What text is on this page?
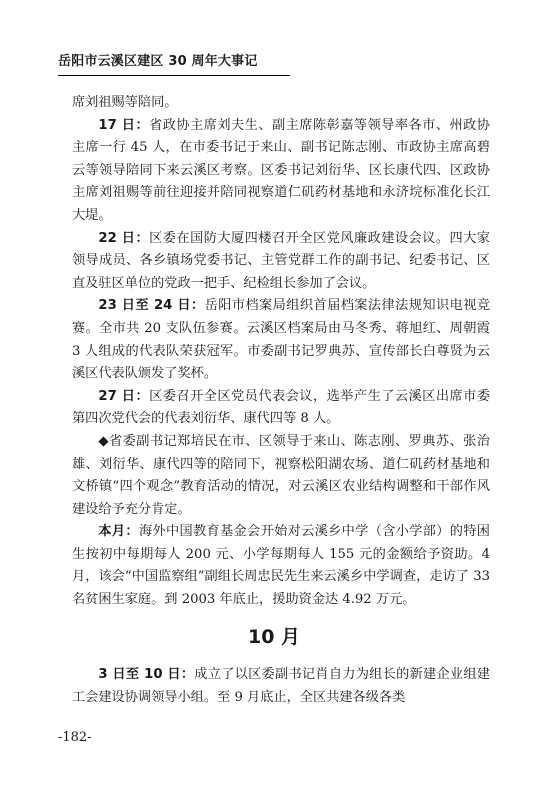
岳阳市云溪区建区 30 周年大事记

席刘祖赐等陪同。

17 日：省政协主席刘夫生、副主席陈彰嘉等领导率各市、州政协主席一行 45 人，在市委书记于来山、副书记陈志刚、市政协主席高碧云等领导陪同下来云溪区考察。区委书记刘衍华、区长康代四、区政协主席刘祖赐等前往迎接并陪同视察道仁矶药材基地和永济垸标准化长江大堤。

22 日：区委在国防大厦四楼召开全区党风廉政建设会议。四大家领导成员、各乡镇场党委书记、主管党群工作的副书记、纪委书记、区直及驻区单位的党政一把手、纪检组长参加了会议。

23 日至 24 日：岳阳市档案局组织首届档案法律法规知识电视竞赛。全市共 20 支队伍参赛。云溪区档案局由马冬秀、蒋旭红、周朝霞 3 人组成的代表队荣获冠军。市委副书记罗典苏、宣传部长白尊贤为云溪区代表队颁发了奖杯。

27 日：区委召开全区党员代表会议，选举产生了云溪区出席市委第四次党代会的代表刘衍华、康代四等 8 人。

◆省委副书记郑培民在市、区领导于来山、陈志刚、罗典苏、张治雄、刘衍华、康代四等的陪同下，视察松阳湖农场、道仁矶药材基地和文桥镇“四个观念”教育活动的情况，对云溪区农业结构调整和干部作风建设给予充分肯定。

本月：海外中国教育基金会开始对云溪乡中学（含小学部）的特困生按初中每期每人 200 元、小学每期每人 155 元的金额给予资助。4 月，该会“中国监察组”副组长周忠民先生来云溪乡中学调查，走访了 33 名贫困生家庭。到 2003 年底止，援助资金达 4.92 万元。

10 月

3 日至 10 日：成立了以区委副书记肖自力为组长的新建企业组建工会建设协调领导小组。至 9 月底止，全区共建各级各类

-182-
